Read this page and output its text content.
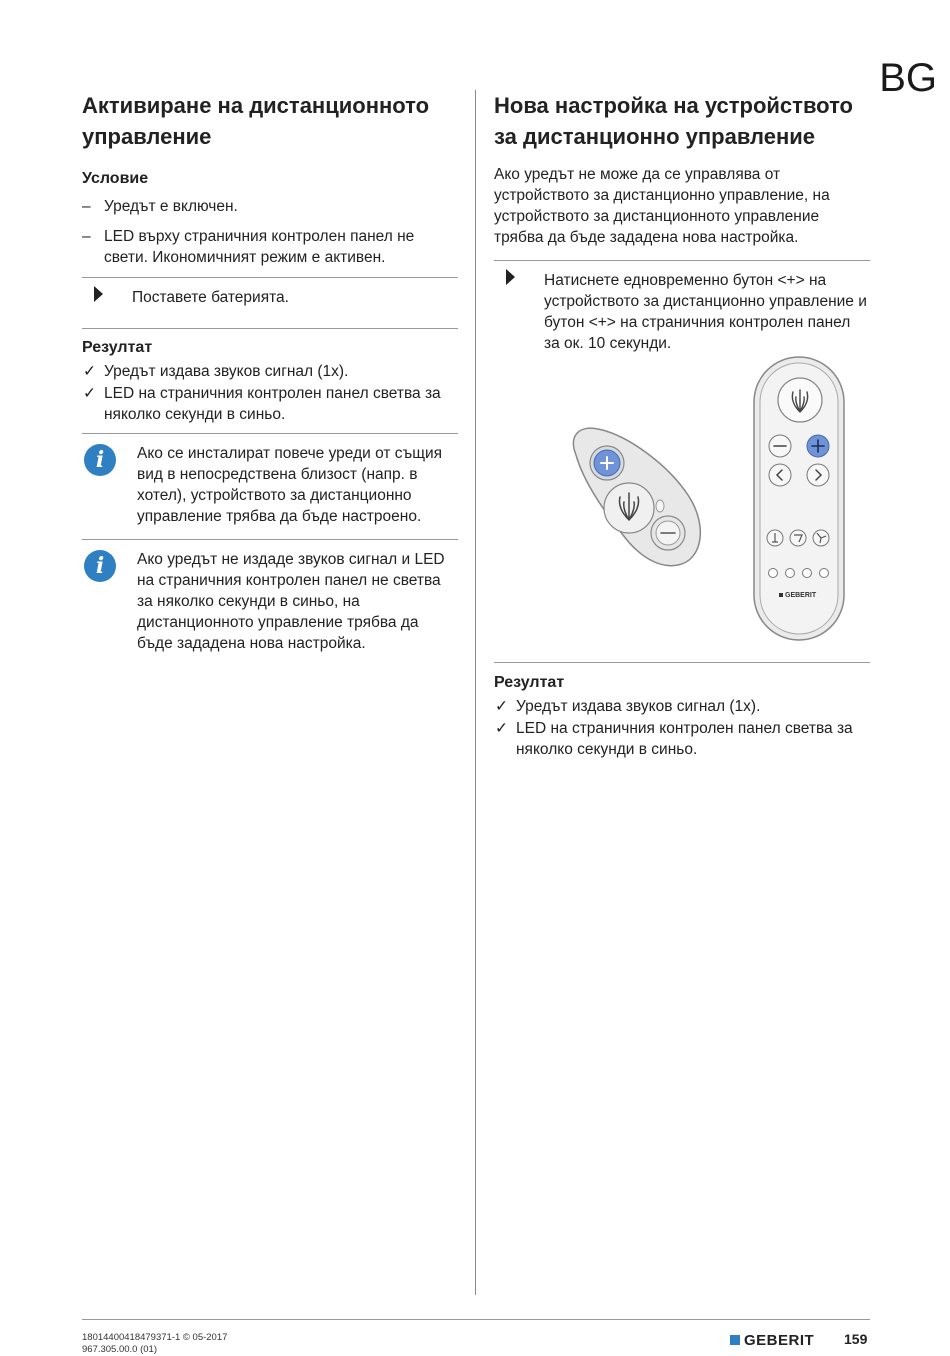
BG
Активиране на дистанционното управление
Условие
– Уредът е включен.
– LED върху страничния контролен панел не свети. Икономичният режим е активен.

Поставете батерията.

Резултат
✓ Уредът издава звуков сигнал (1x).
✓ LED на страничния контролен панел светва за няколко секунди в синьо.
i	Ако се инсталират повече уреди от същия вид в непосредствена близост (напр. в хотел), устройството за дистанционно управление трябва да бъде настроено.

i	Ако уредът не издаде звуков сигнал и LED на страничния контролен панел не светва за няколко секунди в синьо, на дистанционното управление трябва да бъде зададена нова настройка.

Нова настройка на устройството за дистанционно управление

Ако уредът не може да се управлява от устройството за дистанционно управление, на устройството за дистанционното управление трябва да бъде зададена нова настройка.

Натиснете едновременно бутон <+> на устройството за дистанционно управление и бутон <+> на страничния контролен панел за ок. 10 секунди.

GEBERIT
Резултат
✓ Уредът издава звуков сигнал (1x).
✓ LED на страничния контролен панел светва за няколко секунди в синьо.
18014400418479371-1 © 05-2017
967.305.00.0 (01)
GEBERIT 159
